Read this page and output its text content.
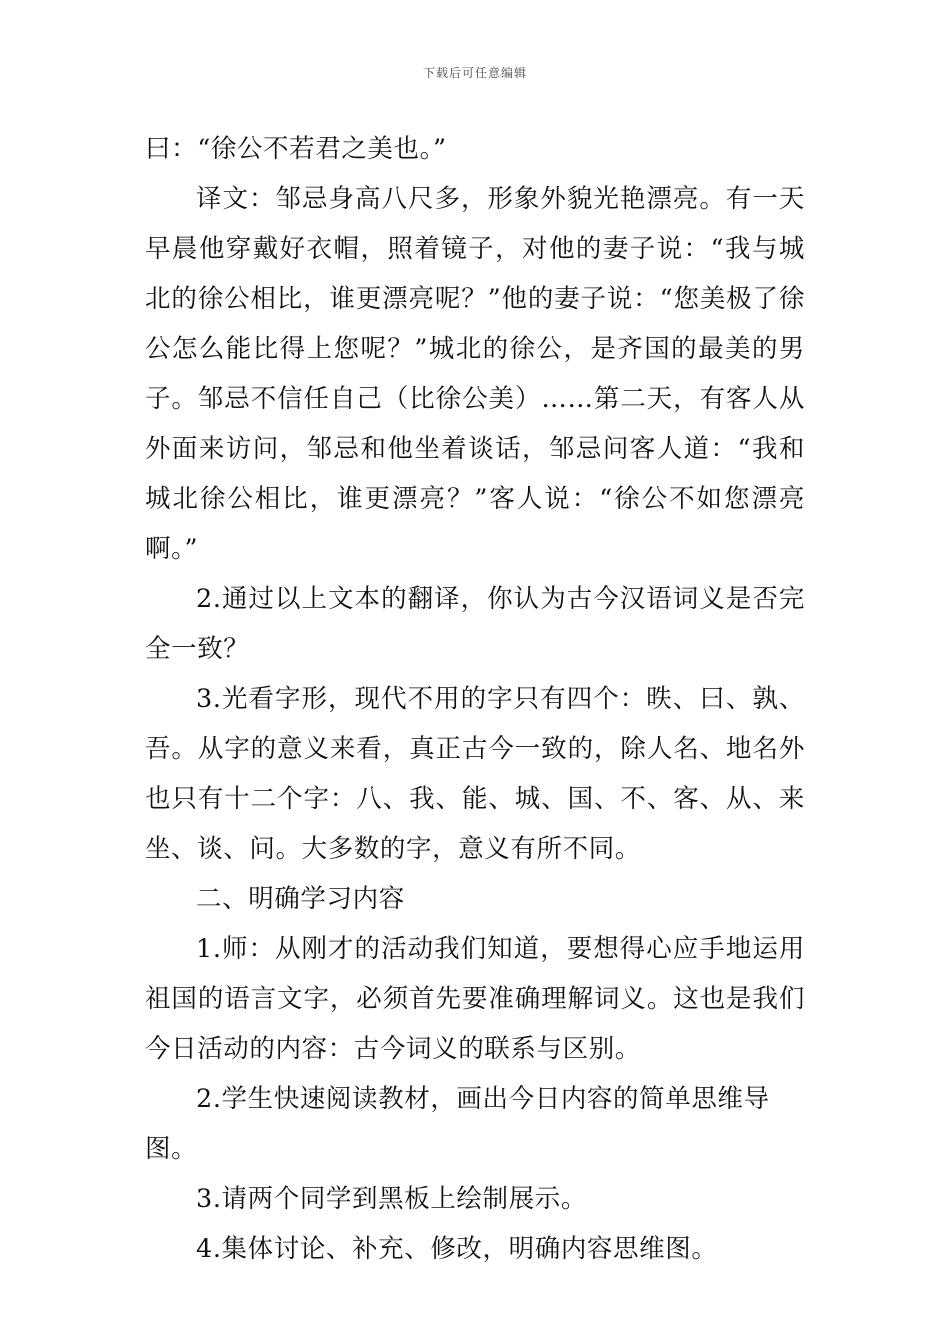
下载后可任意编辑

曰：“徐公不若君之美也。”

译文：邹忌身高八尺多，形象外貌光艳漂亮。有一天早晨他穿戴好衣帽，照着镜子，对他的妻子说：“我与城北的徐公相比，谁更漂亮呢？”他的妻子说：“您美极了徐公怎么能比得上您呢？”城北的徐公，是齐国的最美的男子。邹忌不信任自己（比徐公美）……第二天，有客人从外面来访问，邹忌和他坐着谈话，邹忌问客人道：“我和城北徐公相比，谁更漂亮？”客人说：“徐公不如您漂亮啊。”

2.通过以上文本的翻译，你认为古今汉语词义是否完全一致？

3.光看字形，现代不用的字只有四个：昳、曰、孰、吾。从字的意义来看，真正古今一致的，除人名、地名外也只有十二个字：八、我、能、城、国、不、客、从、来坐、谈、问。大多数的字，意义有所不同。

二、明确学习内容

1.师：从刚才的活动我们知道，要想得心应手地运用祖国的语言文字，必须首先要准确理解词义。这也是我们今日活动的内容：古今词义的联系与区别。

2.学生快速阅读教材，画出今日内容的简单思维导图。

3.请两个同学到黑板上绘制展示。

4.集体讨论、补充、修改，明确内容思维图。
